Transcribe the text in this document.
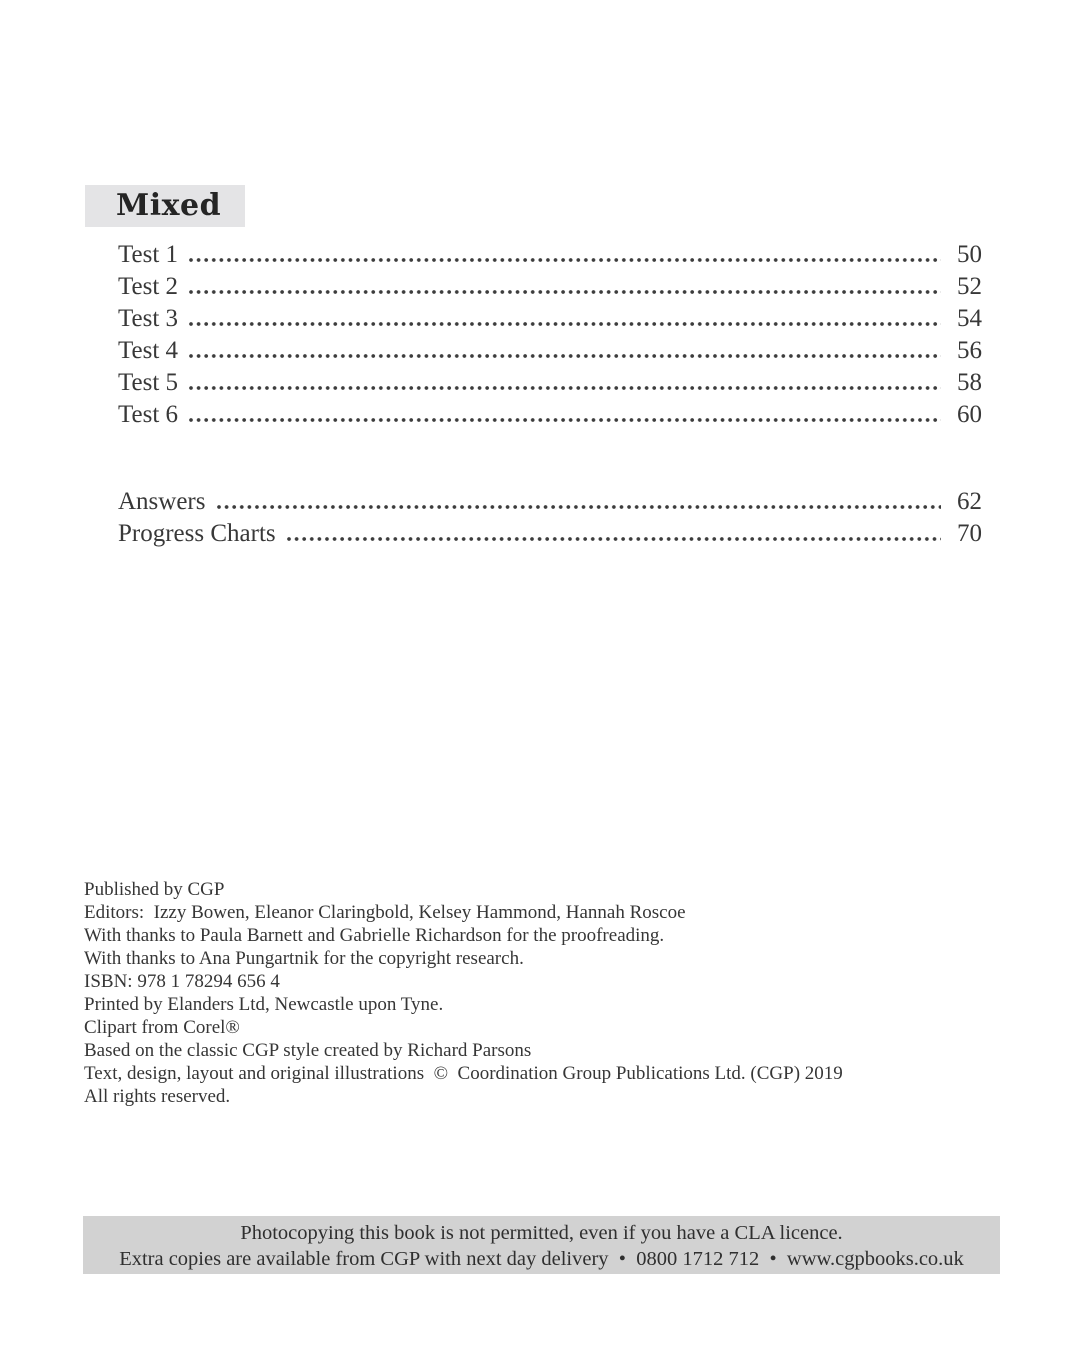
Mixed
Test 1	50
Test 2	52
Test 3	54
Test 4	56
Test 5	58
Test 6	60
Answers	62
Progress Charts	70

Published by CGP

Editors:  Izzy Bowen, Eleanor Claringbold, Kelsey Hammond, Hannah Roscoe

With thanks to Paula Barnett and Gabrielle Richardson for the proofreading.

With thanks to Ana Pungartnik for the copyright research.

ISBN: 978 1 78294 656 4

Printed by Elanders Ltd, Newcastle upon Tyne.

Clipart from Corel®

Based on the classic CGP style created by Richard Parsons

Text, design, layout and original illustrations  ©  Coordination Group Publications Ltd. (CGP) 2019

All rights reserved.

Photocopying this book is not permitted, even if you have a CLA licence.

Extra copies are available from CGP with next day delivery  •  0800 1712 712  •  www.cgpbooks.co.uk
